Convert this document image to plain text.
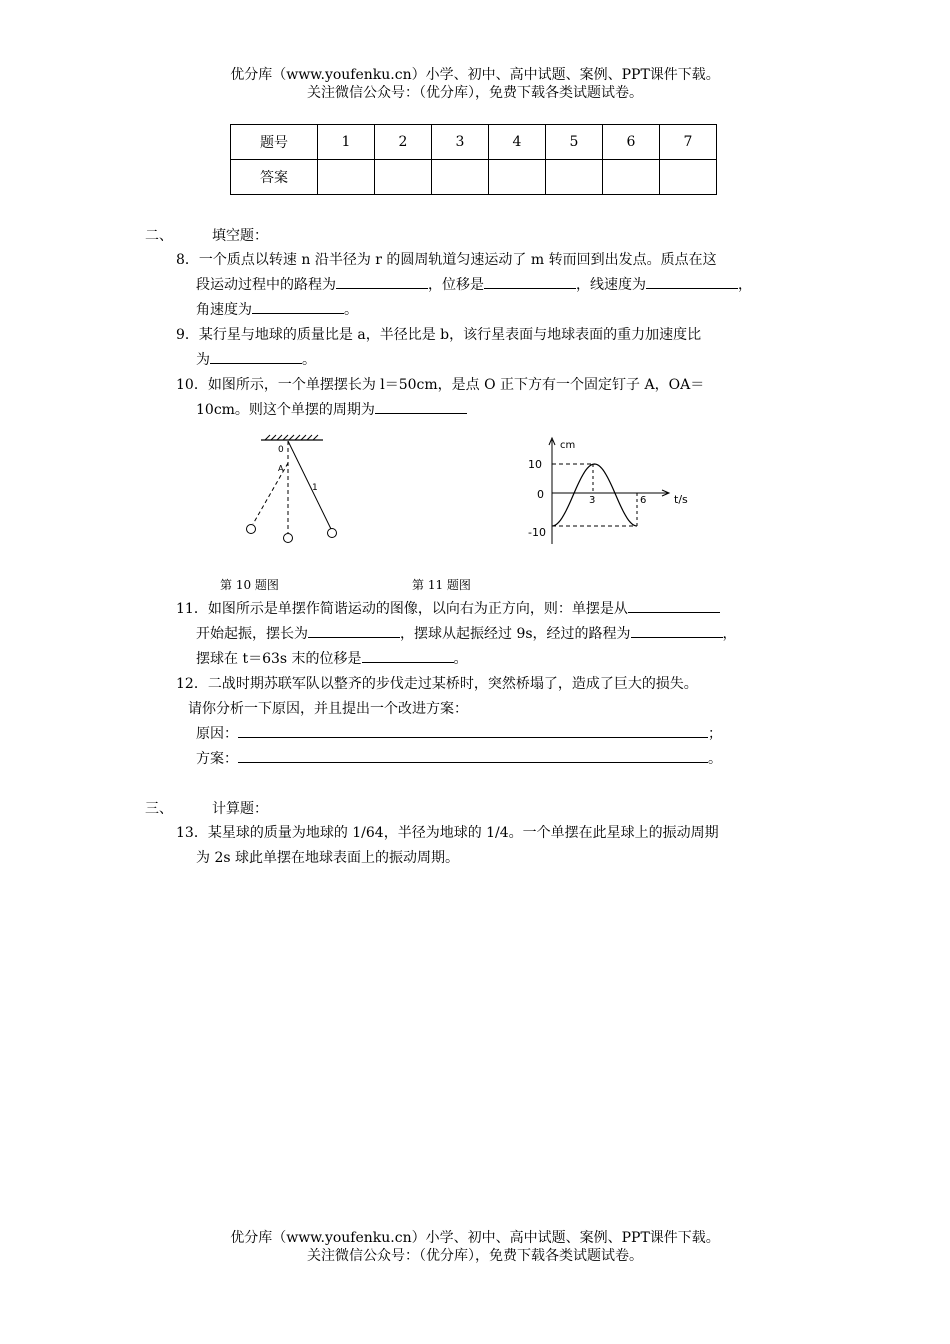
优分库（www.youfenku.cn）小学、初中、高中试题、案例、PPT课件下载。
关注微信公众号：（优分库），免费下载各类试题试卷。
题号	1	2	3	4	5	6	7
答案							
二、	填空题：
8．一个质点以转速 n 沿半径为 r 的圆周轨道匀速运动了 m 转而回到出发点。质点在这
段运动过程中的路程为	，位移是	，线速度为	，
角速度为	。
9．某行星与地球的质量比是 a，半径比是 b，该行星表面与地球表面的重力加速度比
为	。
10．如图所示，一个单摆摆长为 l＝50cm，是点 O 正下方有一个固定钉子 A，OA＝
10cm。则这个单摆的周期为
0
A
1
cm
10
0
-10
3	6	t/s
第 10 题图	第 11 题图
11．如图所示是单摆作简谐运动的图像，以向右为正方向，则：单摆是从
开始起振，摆长为	，摆球从起振经过 9s，经过的路程为	，
摆球在 t＝63s 末的位移是	。
12．二战时期苏联军队以整齐的步伐走过某桥时，突然桥塌了，造成了巨大的损失。
请你分析一下原因，并且提出一个改进方案：
原因：	；
方案：	。
三、	计算题：
13．某星球的质量为地球的 1/64，半径为地球的 1/4。一个单摆在此星球上的振动周期
为 2s 球此单摆在地球表面上的振动周期。
优分库（www.youfenku.cn）小学、初中、高中试题、案例、PPT课件下载。
关注微信公众号：（优分库），免费下载各类试题试卷。
